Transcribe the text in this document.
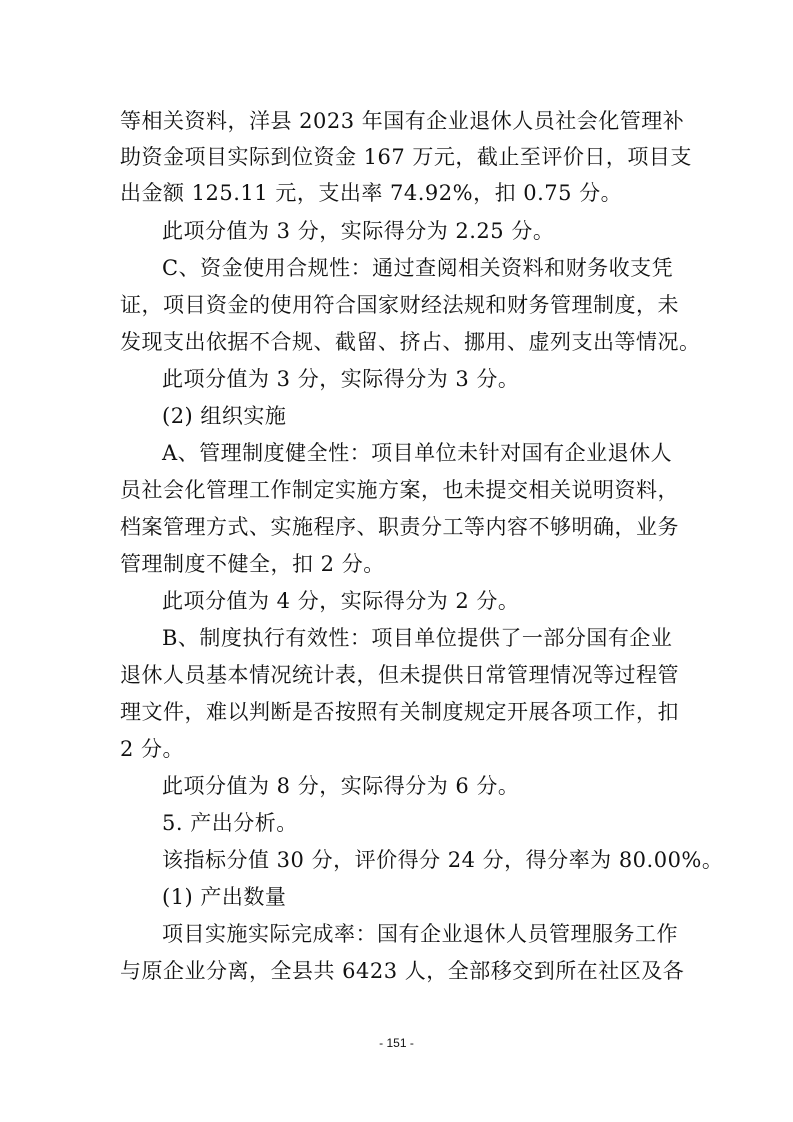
等相关资料，洋县 2023 年国有企业退休人员社会化管理补
助资金项目实际到位资金 167 万元，截止至评价日，项目支
出金额 125.11 元，支出率 74.92%，扣 0.75 分。
此项分值为 3 分，实际得分为 2.25 分。
C、资金使用合规性：通过查阅相关资料和财务收支凭
证，项目资金的使用符合国家财经法规和财务管理制度，未
发现支出依据不合规、截留、挤占、挪用、虚列支出等情况。
此项分值为 3 分，实际得分为 3 分。
(2) 组织实施
A、管理制度健全性：项目单位未针对国有企业退休人
员社会化管理工作制定实施方案，也未提交相关说明资料，
档案管理方式、实施程序、职责分工等内容不够明确，业务
管理制度不健全，扣 2 分。
此项分值为 4 分，实际得分为 2 分。
B、制度执行有效性：项目单位提供了一部分国有企业
退休人员基本情况统计表，但未提供日常管理情况等过程管
理文件，难以判断是否按照有关制度规定开展各项工作，扣
2 分。
此项分值为 8 分，实际得分为 6 分。
5. 产出分析。
该指标分值 30 分，评价得分 24 分，得分率为 80.00%。
(1) 产出数量
项目实施实际完成率：国有企业退休人员管理服务工作
与原企业分离，全县共 6423 人，全部移交到所在社区及各
- 151 -
